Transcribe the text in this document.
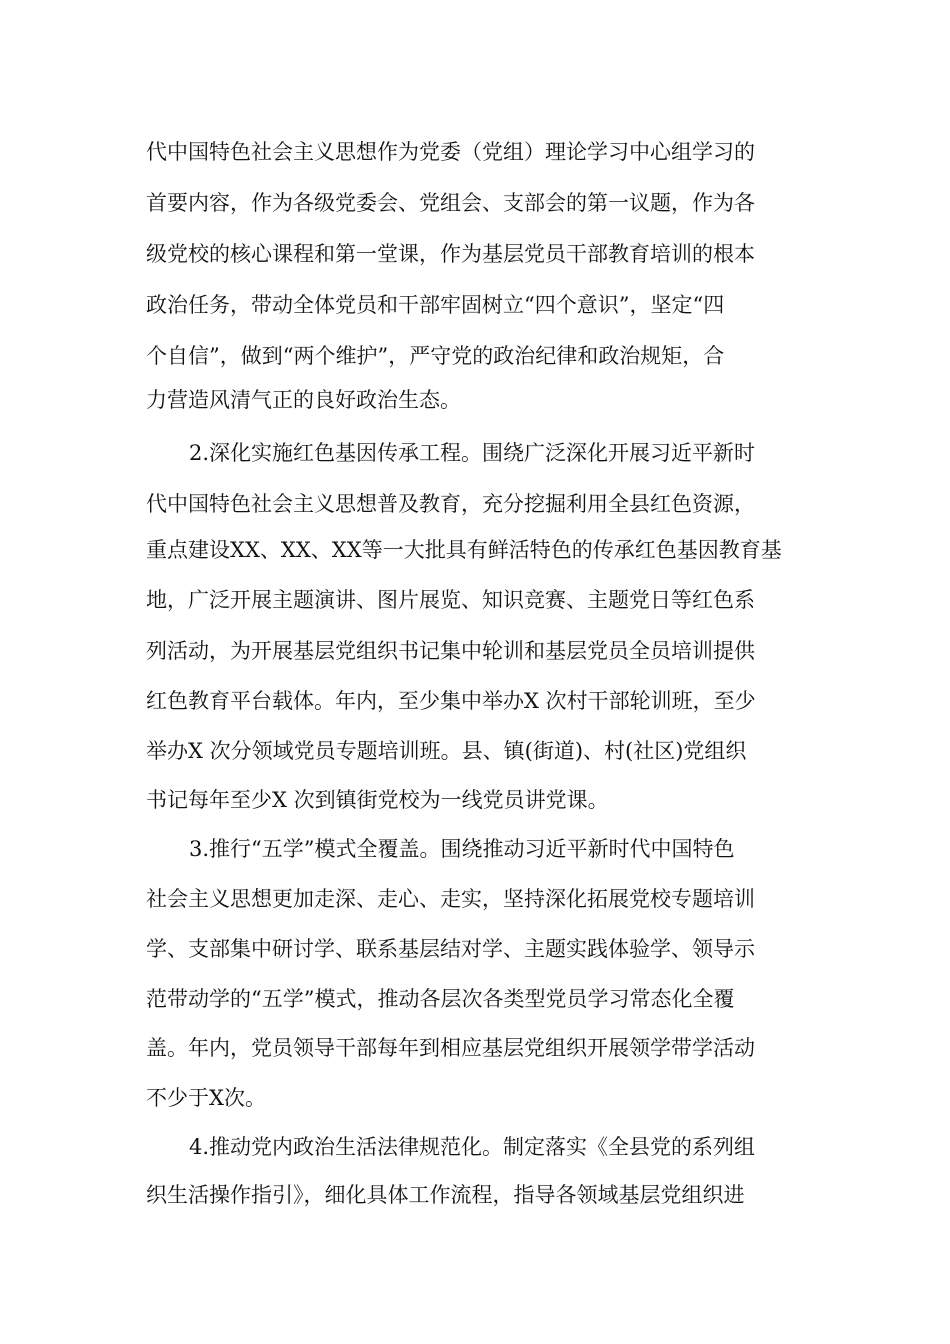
代中国特色社会主义思想作为党委（党组）理论学习中心组学习的
首要内容，作为各级党委会、党组会、支部会的第一议题，作为各
级党校的核心课程和第一堂课，作为基层党员干部教育培训的根本
政治任务，带动全体党员和干部牢固树立“四个意识”，坚定“四
个自信”，做到“两个维护”，严守党的政治纪律和政治规矩，合
力营造风清气正的良好政治生态。
2.深化实施红色基因传承工程。围绕广泛深化开展习近平新时
代中国特色社会主义思想普及教育，充分挖掘利用全县红色资源，
重点建设XX、XX、XX等一大批具有鲜活特色的传承红色基因教育基
地，广泛开展主题演讲、图片展览、知识竞赛、主题党日等红色系
列活动，为开展基层党组织书记集中轮训和基层党员全员培训提供
红色教育平台载体。年内，至少集中举办X 次村干部轮训班，至少
举办X 次分领域党员专题培训班。县、镇(街道)、村(社区)党组织
书记每年至少X 次到镇街党校为一线党员讲党课。
3.推行“五学”模式全覆盖。围绕推动习近平新时代中国特色
社会主义思想更加走深、走心、走实，坚持深化拓展党校专题培训
学、支部集中研讨学、联系基层结对学、主题实践体验学、领导示
范带动学的“五学”模式，推动各层次各类型党员学习常态化全覆
盖。年内，党员领导干部每年到相应基层党组织开展领学带学活动
不少于X次。
4.推动党内政治生活法律规范化。制定落实《全县党的系列组
织生活操作指引》，细化具体工作流程，指导各领域基层党组织进
